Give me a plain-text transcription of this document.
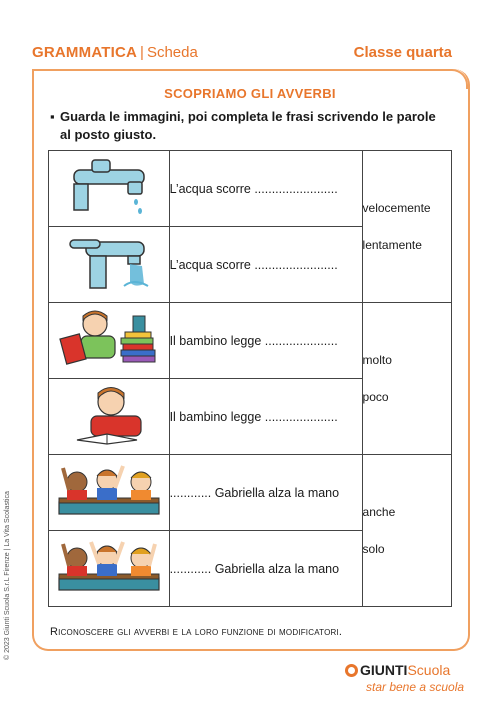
GRAMMATICA | Scheda	Classe quarta
SCOPRIAMO GLI AVVERBI
▪ Guarda le immagini, poi completa le frasi scrivendo le parole al posto giusto.
	L’acqua scorre ........................	velocemente
lentamente

	L’acqua scorre ........................	
	Il bambino legge .....................	molto
poco

	Il bambino legge .....................	
	............ Gabriella alza la mano	anche
solo

	............ Gabriella alza la mano	
Riconoscere gli avverbi e la loro funzione di modificatori.
© 2023 Giunti Scuola S.r.L Firenze | La Vita Scolastica
GIUNTIScuola
star bene a scuola
